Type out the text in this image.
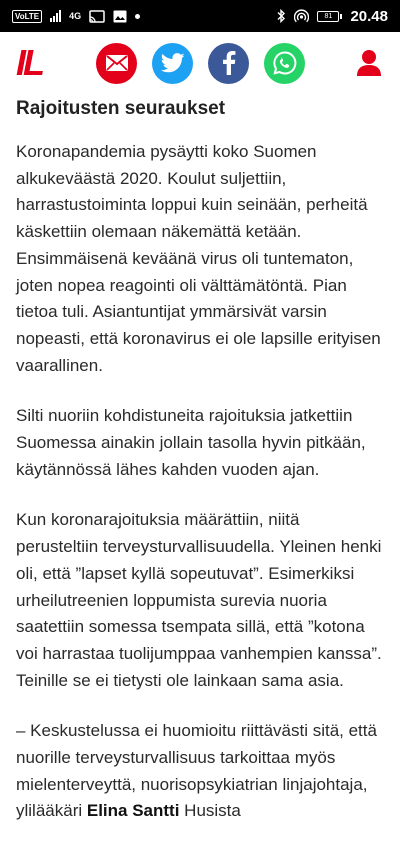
VoLTE	4G	81	20.48
IL
Rajoitusten seuraukset

Koronapandemia pysäytti koko Suomen alkukeväästä 2020. Koulut suljettiin, harrastustoiminta loppui kuin seinään, perheitä käskettiin olemaan näkemättä ketään. Ensimmäisenä keväänä virus oli tuntematon, joten nopea reagointi oli välttämätöntä. Pian tietoa tuli. Asiantuntijat ymmärsivät varsin nopeasti, että koronavirus ei ole lapsille erityisen vaarallinen.

Silti nuoriin kohdistuneita rajoituksia jatkettiin Suomessa ainakin jollain tasolla hyvin pitkään, käytännössä lähes kahden vuoden ajan.

Kun koronarajoituksia määrättiin, niitä perusteltiin terveysturvallisuudella. Yleinen henki oli, että ”lapset kyllä sopeutuvat”. Esimerkiksi urheilutreenien loppumista surevia nuoria saatettiin somessa tsempata sillä, että ”kotona voi harrastaa tuolijumppaa vanhempien kanssa”. Teinille se ei tietysti ole lainkaan sama asia.

– Keskustelussa ei huomioitu riittävästi sitä, että nuorille terveysturvallisuus tarkoittaa myös mielenterveyttä, nuorisopsykiatrian linjajohtaja, ylilääkäri Elina Santti Husista
